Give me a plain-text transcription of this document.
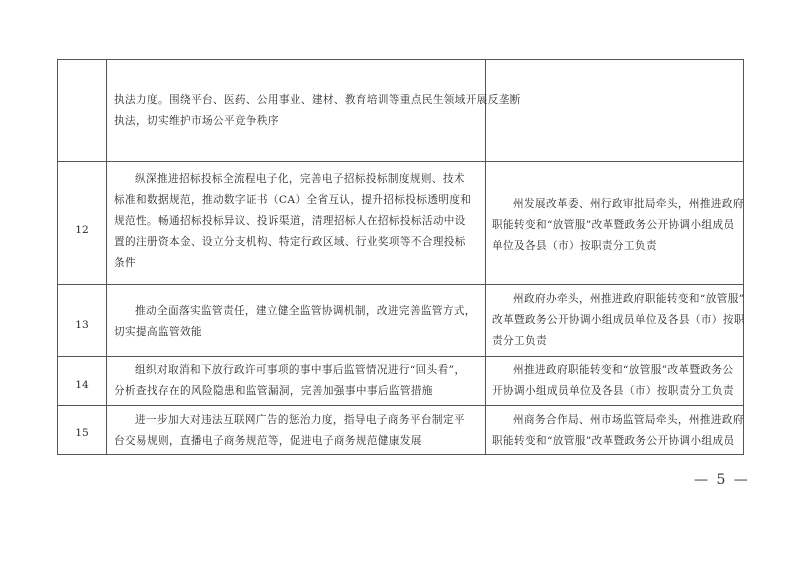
执法力度。围绕平台、医药、公用事业、建材、教育培训等重点民生领域开展反垄断
执法，切实维护市场公平竞争秩序
12
纵深推进招标投标全流程电子化，完善电子招标投标制度规则、技术
标准和数据规范，推动数字证书（CA）全省互认，提升招标投标透明度和
规范性。畅通招标投标异议、投诉渠道，清理招标人在招标投标活动中设
置的注册资本金、设立分支机构、特定行政区域、行业奖项等不合理投标
条件
州发展改革委、州行政审批局牵头，州推进政府
职能转变和“放管服”改革暨政务公开协调小组成员
单位及各县（市）按职责分工负责
13
推动全面落实监管责任，建立健全监管协调机制，改进完善监管方式，
切实提高监管效能
州政府办牵头，州推进政府职能转变和“放管服”
改革暨政务公开协调小组成员单位及各县（市）按职
责分工负责
14
组织对取消和下放行政许可事项的事中事后监管情况进行“回头看”，
分析查找存在的风险隐患和监管漏洞，完善加强事中事后监管措施
州推进政府职能转变和“放管服”改革暨政务公
开协调小组成员单位及各县（市）按职责分工负责
15
进一步加大对违法互联网广告的惩治力度，指导电子商务平台制定平
台交易规则，直播电子商务规范等，促进电子商务规范健康发展
州商务合作局、州市场监管局牵头，州推进政府
职能转变和“放管服”改革暨政务公开协调小组成员
— 5 —
